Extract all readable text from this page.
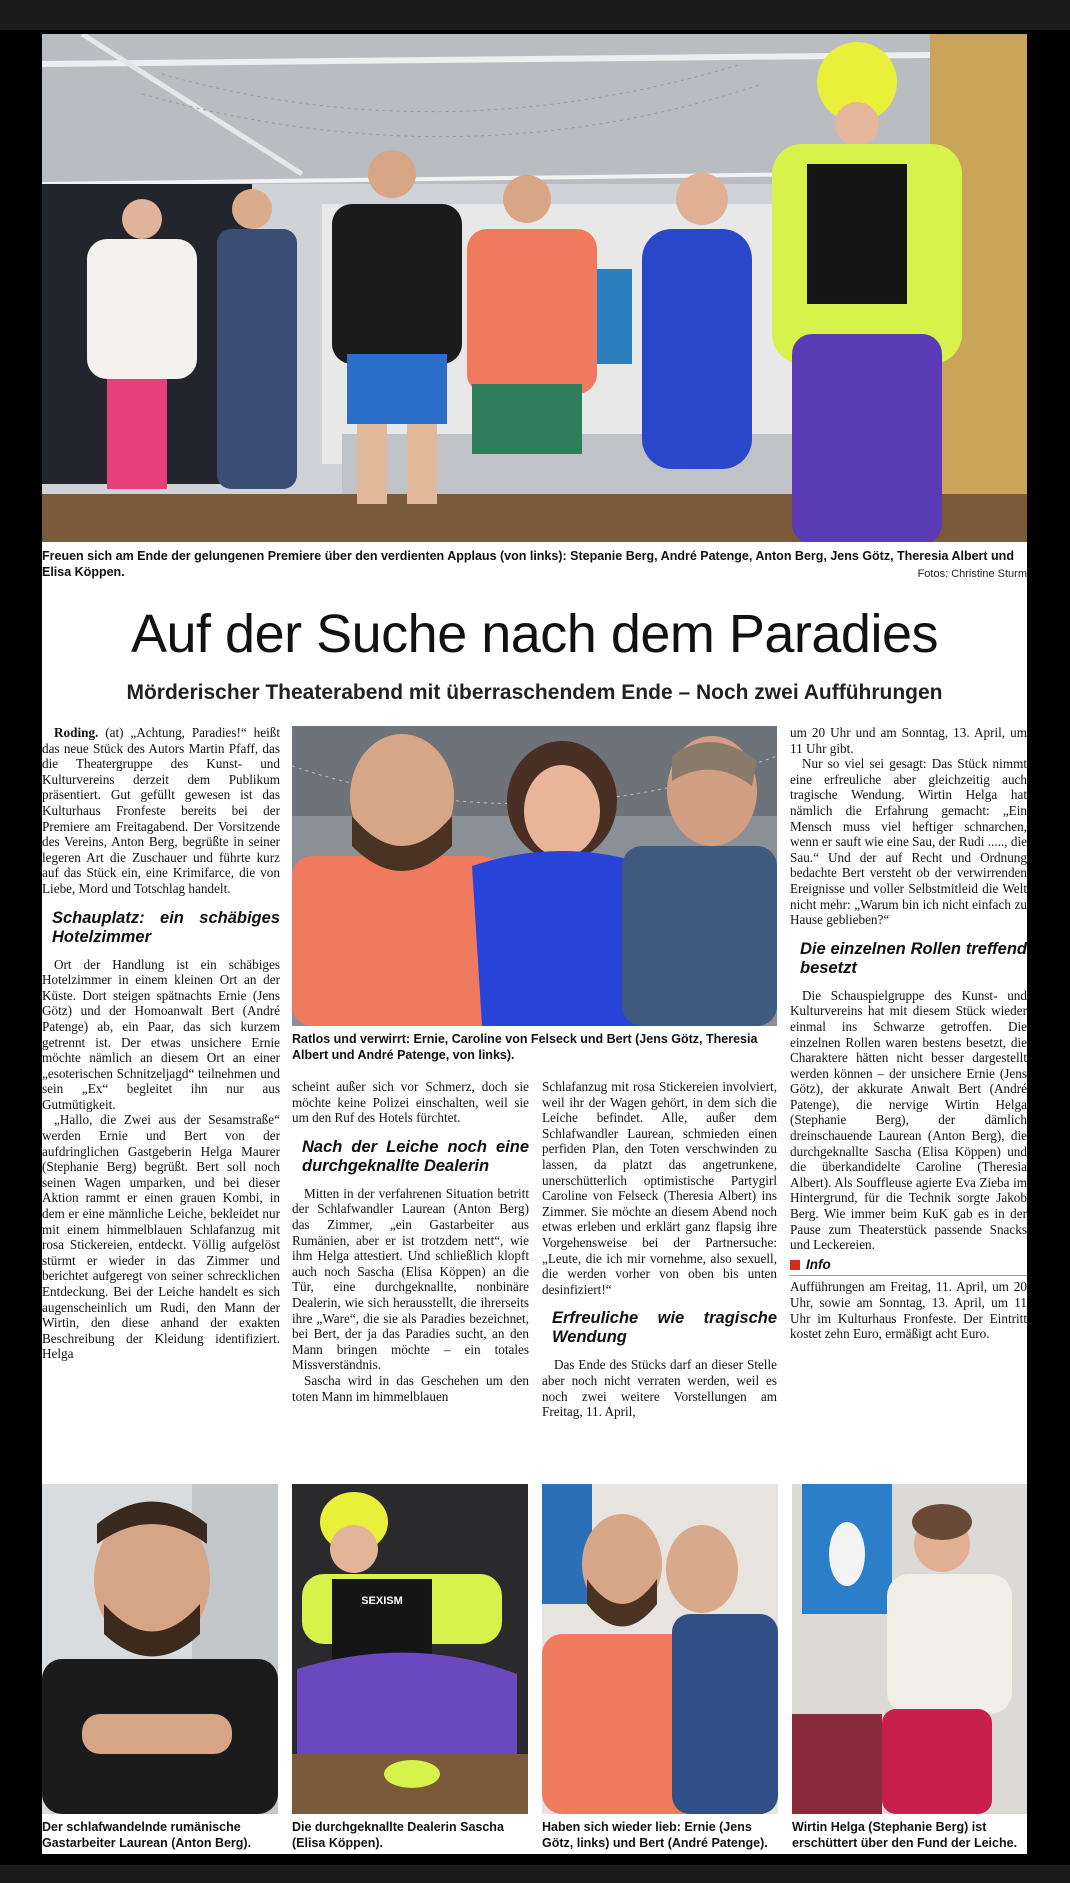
Freuen sich am Ende der gelungenen Premiere über den verdienten Applaus (von links): Stepanie Berg, André Patenge, Anton Berg, Jens Götz, Theresia Albert und Elisa Köppen.	Fotos: Christine Sturm
Auf der Suche nach dem Paradies
Mörderischer Theaterabend mit überraschendem Ende – Noch zwei Aufführungen

Roding. (at) „Achtung, Paradies!“ heißt das neue Stück des Autors Martin Pfaff, das die Theatergruppe des Kunst- und Kulturvereins derzeit dem Publikum präsentiert. Gut gefüllt gewesen ist das Kulturhaus Fronfeste bereits bei der Premiere am Freitagabend. Der Vorsitzende des Vereins, Anton Berg, begrüßte in seiner legeren Art die Zuschauer und führte kurz auf das Stück ein, eine Krimifarce, die von Liebe, Mord und Totschlag handelt.

Schauplatz: ein schäbiges Hotelzimmer

Ort der Handlung ist ein schäbiges Hotelzimmer in einem kleinen Ort an der Küste. Dort steigen spätnachts Ernie (Jens Götz) und der Homoanwalt Bert (André Patenge) ab, ein Paar, das sich kurzem getrennt ist. Der etwas unsichere Ernie möchte nämlich an diesem Ort an einer „esoterischen Schnitzeljagd“ teilnehmen und sein „Ex“ begleitet ihn nur aus Gutmütigkeit.

„Hallo, die Zwei aus der Sesamstraße“ werden Ernie und Bert von der aufdringlichen Gastgeberin Helga Maurer (Stephanie Berg) begrüßt. Bert soll noch seinen Wagen umparken, und bei dieser Aktion rammt er einen grauen Kombi, in dem er eine männliche Leiche, bekleidet nur mit einem himmelblauen Schlafanzug mit rosa Stickereien, entdeckt. Völlig aufgelöst stürmt er wieder in das Zimmer und berichtet aufgeregt von seiner schrecklichen Entdeckung. Bei der Leiche handelt es sich augenscheinlich um Rudi, den Mann der Wirtin, den diese anhand der exakten Beschreibung der Kleidung identifiziert. Helga

Ratlos und verwirrt: Ernie, Caroline von Felseck und Bert (Jens Götz, Theresia Albert und André Patenge, von links).

scheint außer sich vor Schmerz, doch sie möchte keine Polizei einschalten, weil sie um den Ruf des Hotels fürchtet.

Nach der Leiche noch eine durchgeknallte Dealerin

Mitten in der verfahrenen Situation betritt der Schlafwandler Laurean (Anton Berg) das Zimmer, „ein Gastarbeiter aus Rumänien, aber er ist trotzdem nett“, wie ihm Helga attestiert. Und schließlich klopft auch noch Sascha (Elisa Köppen) an die Tür, eine durchgeknallte, nonbinäre Dealerin, wie sich herausstellt, die ihrerseits ihre „Ware“, die sie als Paradies bezeichnet, bei Bert, der ja das Paradies sucht, an den Mann bringen möchte – ein totales Missverständnis.

Sascha wird in das Geschehen um den toten Mann im himmelblauen

Schlafanzug mit rosa Stickereien involviert, weil ihr der Wagen gehört, in dem sich die Leiche befindet. Alle, außer dem Schlafwandler Laurean, schmieden einen perfiden Plan, den Toten verschwinden zu lassen, da platzt das angetrunkene, unerschütterlich optimistische Partygirl Caroline von Felseck (Theresia Albert) ins Zimmer. Sie möchte an diesem Abend noch etwas erleben und erklärt ganz flapsig ihre Vorgehensweise bei der Partnersuche: „Leute, die ich mir vornehme, also sexuell, die werden vorher von oben bis unten desinfiziert!“

Erfreuliche wie tragische Wendung

Das Ende des Stücks darf an dieser Stelle aber noch nicht verraten werden, weil es noch zwei weitere Vorstellungen am Freitag, 11. April,

um 20 Uhr und am Sonntag, 13. April, um 11 Uhr gibt.

Nur so viel sei gesagt: Das Stück nimmt eine erfreuliche aber gleichzeitig auch tragische Wendung. Wirtin Helga hat nämlich die Erfahrung gemacht: „Ein Mensch muss viel heftiger schnarchen, wenn er sauft wie eine Sau, der Rudi ....., die Sau.“ Und der auf Recht und Ordnung bedachte Bert versteht ob der verwirrenden Ereignisse und voller Selbstmitleid die Welt nicht mehr: „Warum bin ich nicht einfach zu Hause geblieben?“

Die einzelnen Rollen treffend besetzt

Die Schauspielgruppe des Kunst- und Kulturvereins hat mit diesem Stück wieder einmal ins Schwarze getroffen. Die einzelnen Rollen waren bestens besetzt, die Charaktere hätten nicht besser dargestellt werden können – der unsichere Ernie (Jens Götz), der akkurate Anwalt Bert (André Patenge), die nervige Wirtin Helga (Stephanie Berg), der dämlich dreinschauende Laurean (Anton Berg), die durchgeknallte Sascha (Elisa Köppen) und die überkandidelte Caroline (Theresia Albert). Als Souffleuse agierte Eva Zieba im Hintergrund, für die Technik sorgte Jakob Berg. Wie immer beim KuK gab es in der Pause zum Theaterstück passende Snacks und Leckereien.

Info

Aufführungen am Freitag, 11. April, um 20 Uhr, sowie am Sonntag, 13. April, um 11 Uhr im Kulturhaus Fronfeste. Der Eintritt kostet zehn Euro, ermäßigt acht Euro.

Der schlafwandelnde rumänische Gastarbeiter Laurean (Anton Berg).
SEXISM
Die durchgeknallte Dealerin Sascha (Elisa Köppen).
Haben sich wieder lieb: Ernie (Jens Götz, links) und Bert (André Patenge).
Wirtin Helga (Stephanie Berg) ist erschüttert über den Fund der Leiche.
